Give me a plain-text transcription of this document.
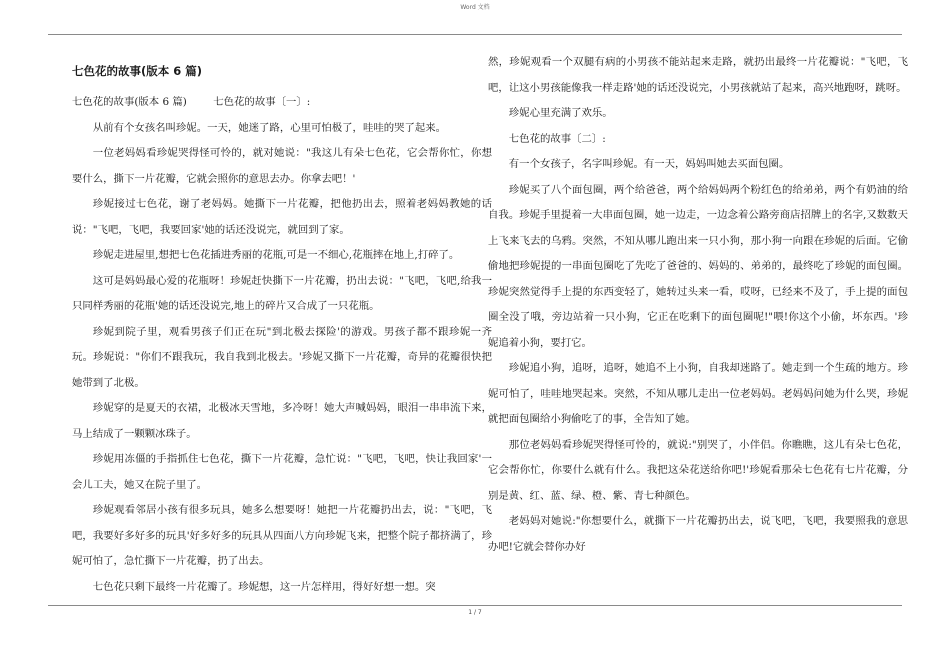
Word 文档
七色花的故事(版本 6 篇)

七色花的故事(版本 6 篇)        七色花的故事〔一〕:

从前有个女孩名叫珍妮。一天，她迷了路，心里可怕极了，哇哇的哭了起来。

一位老妈妈看珍妮哭得怪可怜的，就对她说："我这儿有朵七色花，它会帮你忙，你想要什么，撕下一片花瓣，它就会照你的意思去办。你拿去吧！'

珍妮接过七色花，谢了老妈妈。她撕下一片花瓣，把他扔出去，照着老妈妈教她的话说："飞吧，飞吧，我要回家'她的话还没说完，就回到了家。

珍妮走进屋里,想把七色花插进秀丽的花瓶,可是一不细心,花瓶摔在地上,打碎了。

这可是妈妈最心爱的花瓶呀！珍妮赶快撕下一片花瓣，扔出去说："飞吧，飞吧,给我一只同样秀丽的花瓶'她的话还没说完,地上的碎片又合成了一只花瓶。

珍妮到院子里，观看男孩子们正在玩"到北极去探险'的游戏。男孩子都不跟珍妮一齐玩。珍妮说："你们不跟我玩，我自我到北极去。'珍妮又撕下一片花瓣，奇异的花瓣很快把她带到了北极。

珍妮穿的是夏天的衣裙，北极冰天雪地，多冷呀！她大声喊妈妈，眼泪一串串流下来，马上结成了一颗颗冰珠子。

珍妮用冻僵的手指抓住七色花，撕下一片花瓣，急忙说："飞吧，飞吧，快让我回家'一会儿工夫，她又在院子里了。

珍妮观看邻居小孩有很多玩具，她多么想要呀！她把一片花瓣扔出去，说："飞吧，飞吧，我要好多好多的玩具'好多好多的玩具从四面八方向珍妮飞来，把整个院子都挤满了，珍妮可怕了，急忙撕下一片花瓣，扔了出去。

七色花只剩下最终一片花瓣了。珍妮想，这一片怎样用，得好好想一想。突

然，珍妮观看一个双腿有病的小男孩不能站起来走路，就扔出最终一片花瓣说："飞吧，飞吧，让这小男孩能像我一样走路'她的话还没说完，小男孩就站了起来，高兴地跑呀，跳呀。

珍妮心里充满了欢乐。

七色花的故事〔二〕:

有一个女孩子，名字叫珍妮。有一天，妈妈叫她去买面包圈。

珍妮买了八个面包圈，两个给爸爸，两个给妈妈两个粉红色的给弟弟，两个有奶油的给自我。珍妮手里提着一大串面包圈，她一边走，一边念着公路旁商店招牌上的名字,又数数天上飞来飞去的乌鸦。突然，不知从哪儿跑出来一只小狗，那小狗一向跟在珍妮的后面。它偷偷地把珍妮提的一串面包圈吃了先吃了爸爸的、妈妈的、弟弟的，最终吃了珍妮的面包圈。珍妮突然觉得手上提的东西变轻了，她转过头来一看，哎呀，已经来不及了，手上提的面包圈全没了哦，旁边站着一只小狗，它正在吃剩下的面包圈呢!"喂!你这个小偷，坏东西。'珍妮追着小狗，要打它。

珍妮追小狗，追呀，追呀，她追不上小狗，自我却迷路了。她走到一个生疏的地方。珍妮可怕了，哇哇地哭起来。突然，不知从哪儿走出一位老妈妈。老妈妈问她为什么哭，珍妮就把面包圈给小狗偷吃了的事，全告知了她。

那位老妈妈看珍妮哭得怪可怜的，就说:"别哭了，小伴侣。你瞧瞧，这儿有朵七色花，它会帮你忙，你要什么就有什么。我把这朵花送给你吧!'珍妮看那朵七色花有七片花瓣，分别是黄、红、蓝、绿、橙、紫、青七种颜色。

老妈妈对她说:"你想要什么，就撕下一片花瓣扔出去，说飞吧，飞吧，我要照我的意思办吧!它就会替你办好

1 / 7
